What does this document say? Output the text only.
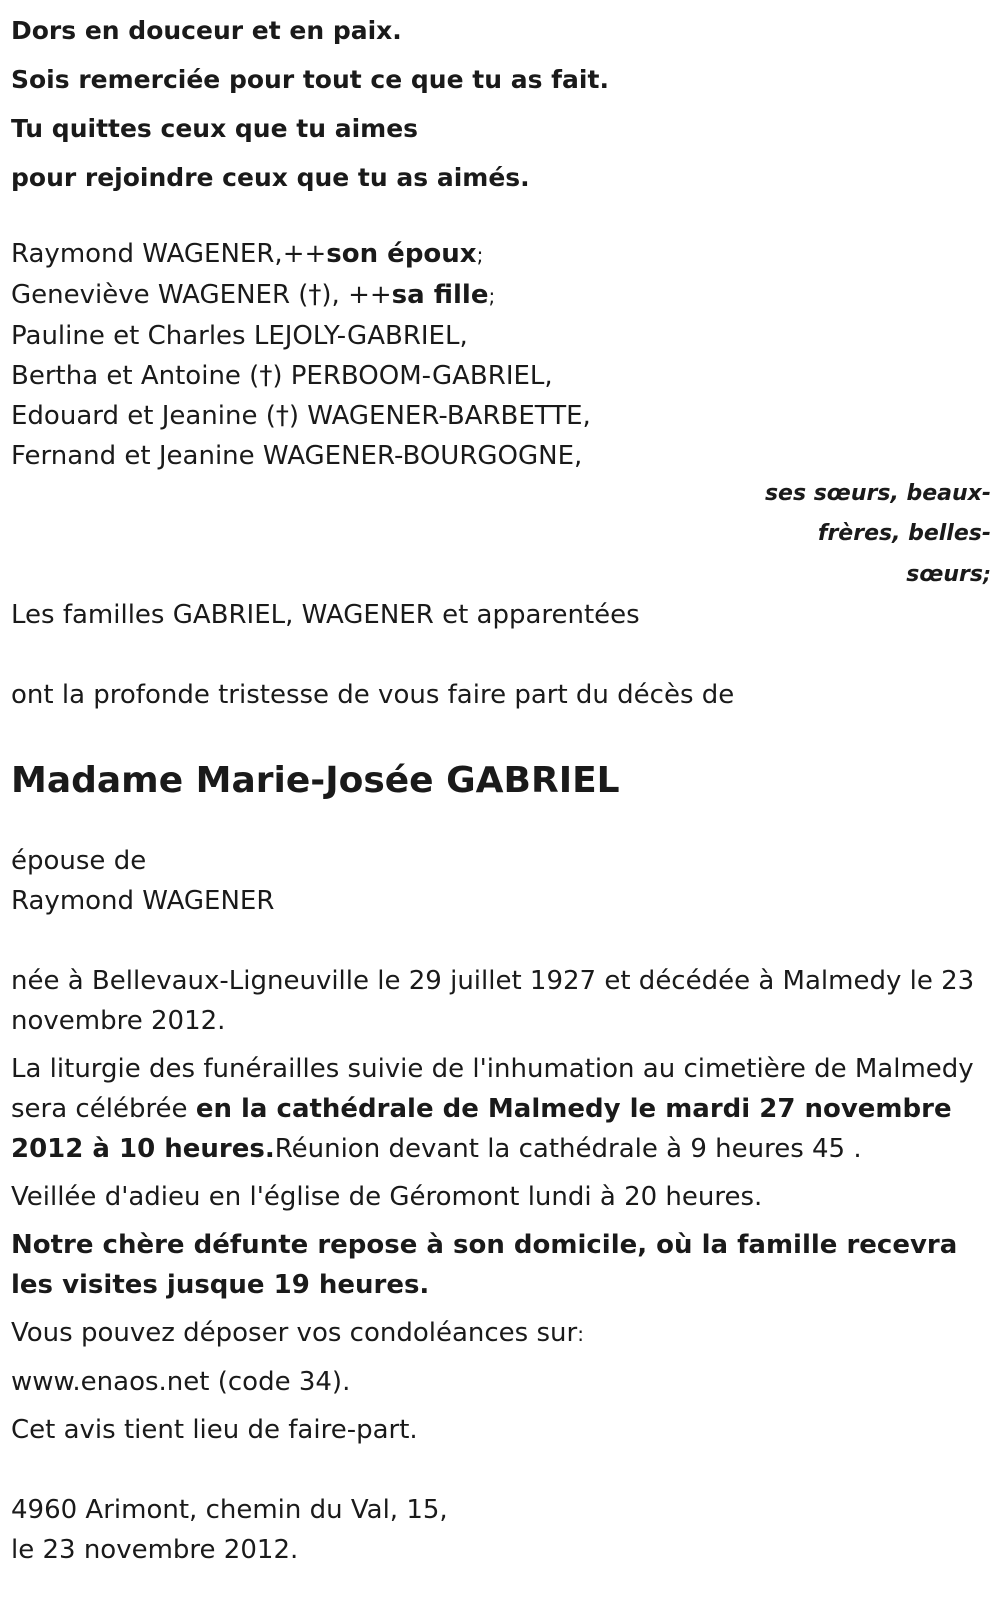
Dors en douceur et en paix.

Sois remerciée pour tout ce que tu as fait.

Tu quittes ceux que tu aimes

pour rejoindre ceux que tu as aimés.

Raymond WAGENER,++son époux;
Geneviève WAGENER (†), ++sa fille;
Pauline et Charles LEJOLY-GABRIEL,
Bertha et Antoine (†) PERBOOM-GABRIEL,
Edouard et Jeanine (†) WAGENER-BARBETTE,
Fernand et Jeanine WAGENER-BOURGOGNE,
ses sœurs, beaux-
frères, belles-
sœurs;
Les familles GABRIEL, WAGENER et apparentées

ont la profonde tristesse de vous faire part du décès de

Madame Marie-Josée GABRIEL
épouse de
Raymond WAGENER

née à Bellevaux-Ligneuville le 29 juillet 1927 et décédée à Malmedy le 23 novembre 2012.

La liturgie des funérailles suivie de l'inhumation au cimetière de Malmedy sera célébrée en la cathédrale de Malmedy le mardi 27 novembre 2012 à 10 heures.Réunion devant la cathédrale à 9 heures 45 .

Veillée d'adieu en l'église de Géromont lundi à 20 heures.

Notre chère défunte repose à son domicile, où la famille recevra les visites jusque 19 heures.

Vous pouvez déposer vos condoléances sur:

www.enaos.net (code 34).

Cet avis tient lieu de faire-part.

4960 Arimont, chemin du Val, 15,
le 23 novembre 2012.
